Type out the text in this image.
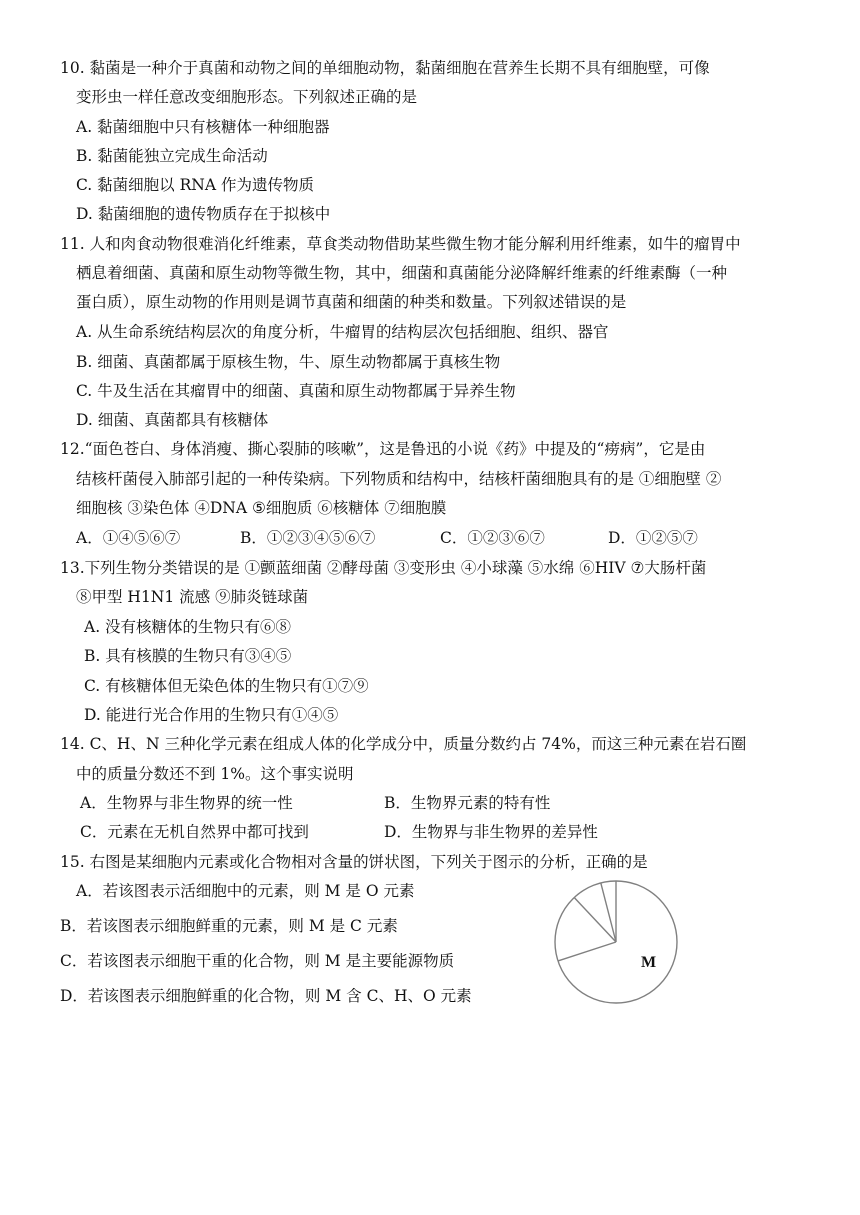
10. 黏菌是一种介于真菌和动物之间的单细胞动物，黏菌细胞在营养生长期不具有细胞壁，可像
变形虫一样任意改变细胞形态。下列叙述正确的是
A. 黏菌细胞中只有核糖体一种细胞器
B. 黏菌能独立完成生命活动
C. 黏菌细胞以 RNA 作为遗传物质
D. 黏菌细胞的遗传物质存在于拟核中
11. 人和肉食动物很难消化纤维素，草食类动物借助某些微生物才能分解利用纤维素，如牛的瘤胃中
栖息着细菌、真菌和原生动物等微生物，其中，细菌和真菌能分泌降解纤维素的纤维素酶（一种
蛋白质），原生动物的作用则是调节真菌和细菌的种类和数量。下列叙述错误的是
A. 从生命系统结构层次的角度分析，牛瘤胃的结构层次包括细胞、组织、器官
B. 细菌、真菌都属于原核生物，牛、原生动物都属于真核生物
C. 牛及生活在其瘤胃中的细菌、真菌和原生动物都属于异养生物
D. 细菌、真菌都具有核糖体
12.“面色苍白、身体消瘦、撕心裂肺的咳嗽”，这是鲁迅的小说《药》中提及的“痨病”，它是由
结核杆菌侵入肺部引起的一种传染病。下列物质和结构中，结核杆菌细胞具有的是 ①细胞壁 ②
细胞核 ③染色体 ④DNA ⑤细胞质 ⑥核糖体 ⑦细胞膜
A．①④⑤⑥⑦	B．①②③④⑤⑥⑦	C．①②③⑥⑦	D．①②⑤⑦
13.下列生物分类错误的是 ①颤蓝细菌 ②酵母菌 ③变形虫 ④小球藻 ⑤水绵 ⑥HIV ⑦大肠杆菌
⑧甲型 H1N1 流感 ⑨肺炎链球菌
A. 没有核糖体的生物只有⑥⑧
B. 具有核膜的生物只有③④⑤
C. 有核糖体但无染色体的生物只有①⑦⑨
D. 能进行光合作用的生物只有①④⑤
14. C、H、N 三种化学元素在组成人体的化学成分中，质量分数约占 74%，而这三种元素在岩石圈
中的质量分数还不到 1%。这个事实说明
A．生物界与非生物界的统一性	B．生物界元素的特有性
C．元素在无机自然界中都可找到	D．生物界与非生物界的差异性
15. 右图是某细胞内元素或化合物相对含量的饼状图，下列关于图示的分析，正确的是
A．若该图表示活细胞中的元素，则 M 是 O 元素
B．若该图表示细胞鲜重的元素，则 M 是 C 元素
C．若该图表示细胞干重的化合物，则 M 是主要能源物质
D．若该图表示细胞鲜重的化合物，则 M 含 C、H、O 元素
M
